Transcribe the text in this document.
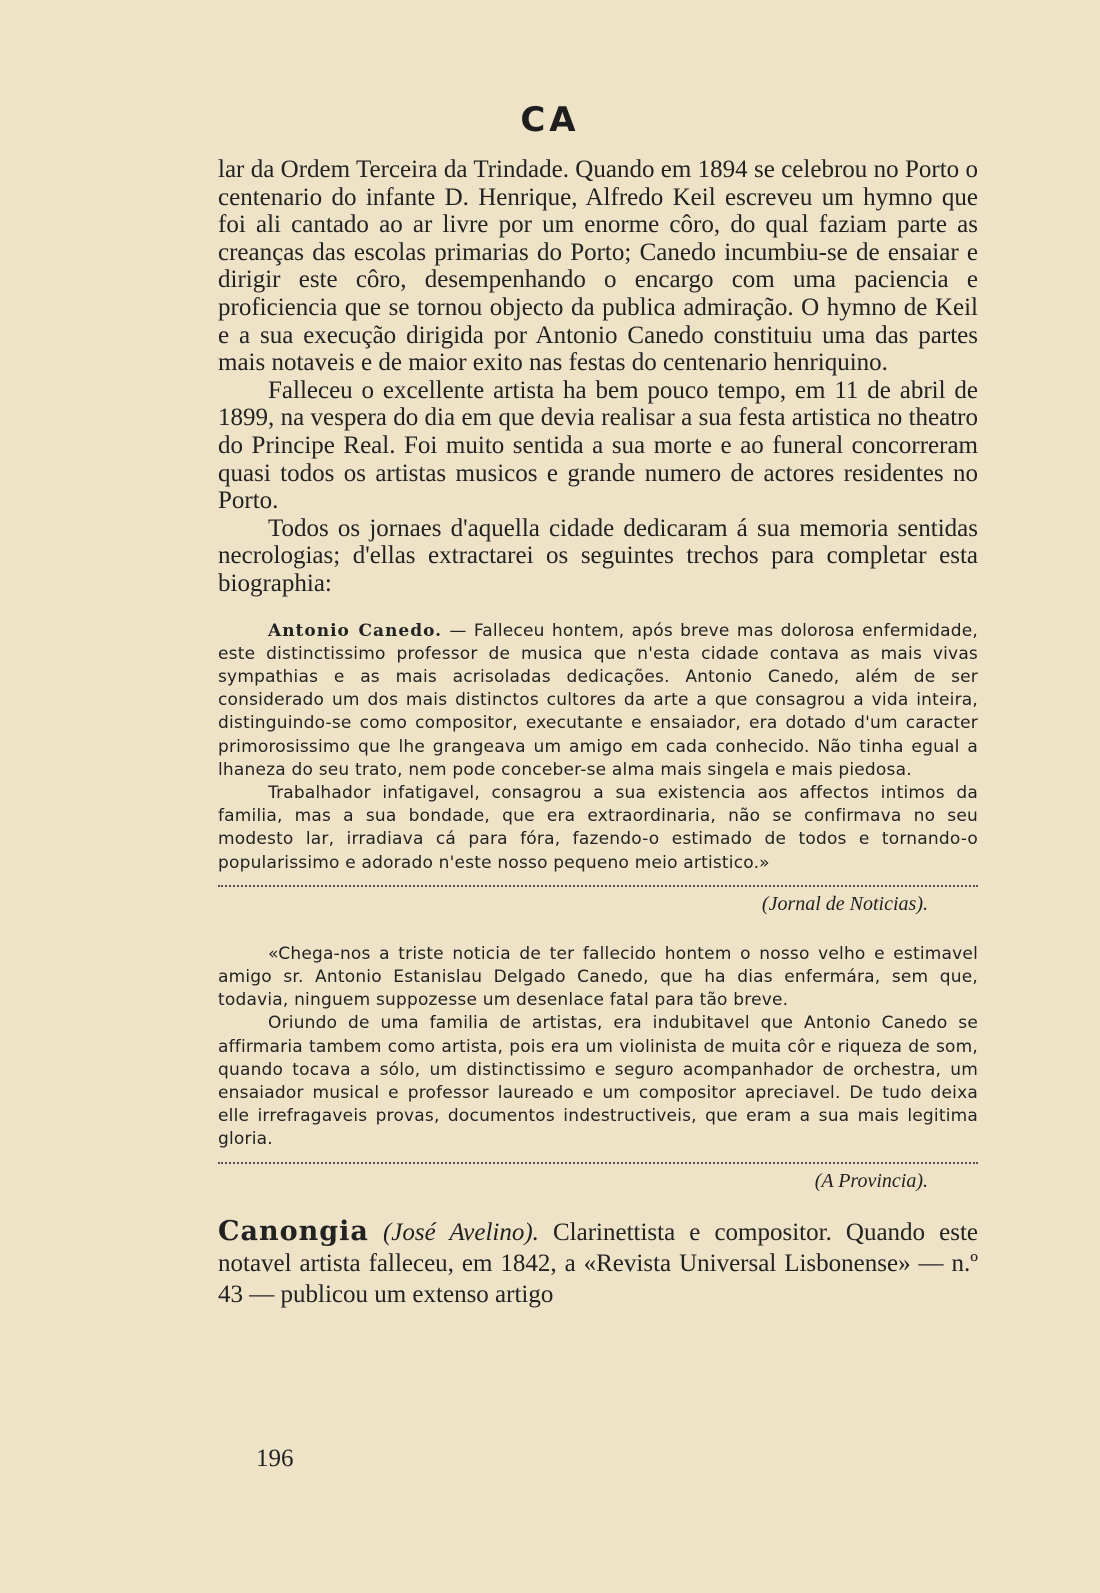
CA

lar da Ordem Terceira da Trindade. Quando em 1894 se celebrou no Porto o centenario do infante D. Henrique, Alfredo Keil escreveu um hymno que foi ali cantado ao ar livre por um enorme côro, do qual faziam parte as creanças das escolas primarias do Porto; Canedo incumbiu-se de ensaiar e dirigir este côro, desempenhando o encargo com uma paciencia e proficiencia que se tornou objecto da publica admiração. O hymno de Keil e a sua execução dirigida por Antonio Canedo constituiu uma das partes mais notaveis e de maior exito nas festas do centenario henriquino.

Falleceu o excellente artista ha bem pouco tempo, em 11 de abril de 1899, na vespera do dia em que devia realisar a sua festa artistica no theatro do Principe Real. Foi muito sentida a sua morte e ao funeral concorreram quasi todos os artistas musicos e grande numero de actores residentes no Porto.

Todos os jornaes d'aquella cidade dedicaram á sua memoria sentidas necrologias; d'ellas extractarei os seguintes trechos para completar esta biographia:

Antonio Canedo. — Falleceu hontem, após breve mas dolorosa enfermidade, este distinctissimo professor de musica que n'esta cidade contava as mais vivas sympathias e as mais acrisoladas dedicações. Antonio Canedo, além de ser considerado um dos mais distinctos cultores da arte a que consagrou a vida inteira, distinguindo-se como compositor, executante e ensaiador, era dotado d'um caracter primorosissimo que lhe grangeava um amigo em cada conhecido. Não tinha egual a lhaneza do seu trato, nem pode conceber-se alma mais singela e mais piedosa.

Trabalhador infatigavel, consagrou a sua existencia aos affectos intimos da familia, mas a sua bondade, que era extraordinaria, não se confirmava no seu modesto lar, irradiava cá para fóra, fazendo-o estimado de todos e tornando-o popularissimo e adorado n'este nosso pequeno meio artistico.»

(Jornal de Noticias).

«Chega-nos a triste noticia de ter fallecido hontem o nosso velho e estimavel amigo sr. Antonio Estanislau Delgado Canedo, que ha dias enfermára, sem que, todavia, ninguem suppozesse um desenlace fatal para tão breve.

Oriundo de uma familia de artistas, era indubitavel que Antonio Canedo se affirmaria tambem como artista, pois era um violinista de muita côr e riqueza de som, quando tocava a sólo, um distinctissimo e seguro acompanhador de orchestra, um ensaiador musical e professor laureado e um compositor apreciavel. De tudo deixa elle irrefragaveis provas, documentos indestructiveis, que eram a sua mais legitima gloria.

(A Provincia).

Canongia (José Avelino). Clarinettista e compositor. Quando este notavel artista falleceu, em 1842, a «Revista Universal Lisbonense» — n.º 43 — publicou um extenso artigo

196
